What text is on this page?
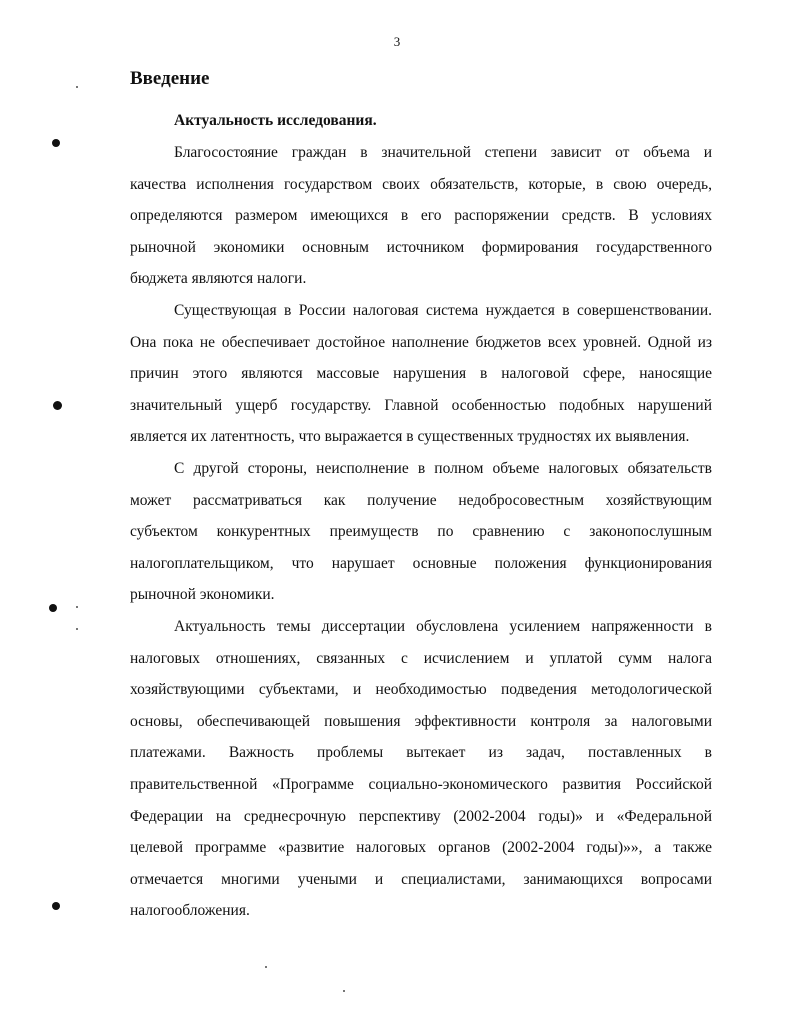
3
Введение
Актуальность исследования.

Благосостояние граждан в значительной степени зависит от объема и
качества исполнения государством своих обязательств, которые, в свою очередь,
определяются размером имеющихся в его распоряжении средств. В условиях
рыночной экономики основным источником формирования государственного
бюджета являются налоги.

Существующая в России налоговая система нуждается в совершенствовании.
Она пока не обеспечивает достойное наполнение бюджетов всех уровней. Одной из
причин этого являются массовые нарушения в налоговой сфере, наносящие
значительный ущерб государству. Главной особенностью подобных нарушений
является их латентность, что выражается в существенных трудностях их выявления.

С другой стороны, неисполнение в полном объеме налоговых обязательств
может рассматриваться как получение недобросовестным хозяйствующим
субъектом конкурентных преимуществ по сравнению с законопослушным
налогоплательщиком, что нарушает основные положения функционирования
рыночной экономики.

Актуальность темы диссертации обусловлена усилением напряженности в
налоговых отношениях, связанных с исчислением и уплатой сумм налога
хозяйствующими субъектами, и необходимостью подведения методологической
основы, обеспечивающей повышения эффективности контроля за налоговыми
платежами. Важность проблемы вытекает из задач, поставленных в
правительственной «Программе социально-экономического развития Российской
Федерации на среднесрочную перспективу (2002-2004 годы)» и «Федеральной
целевой программе «развитие налоговых органов (2002-2004 годы)»», а также
отмечается многими учеными и специалистами, занимающихся вопросами
налогообложения.
